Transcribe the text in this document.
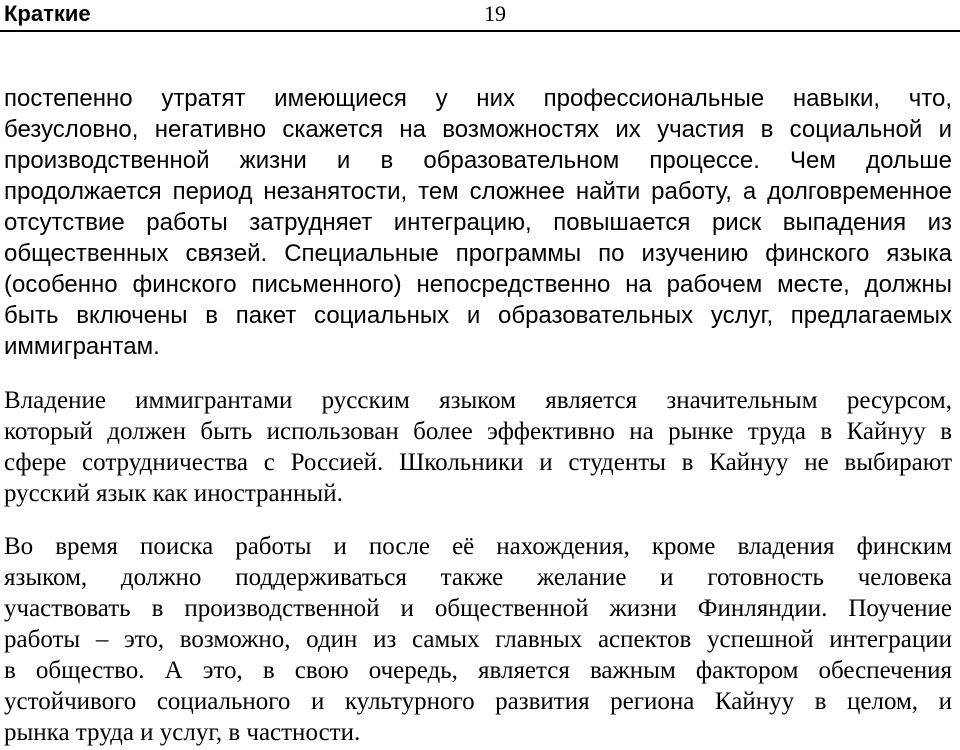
Краткие	19
постепенно утратят имеющиеся у них профессиональные навыки, что,
безусловно, негативно скажется на возможностях их участия в социальной и
производственной жизни и в образовательном процессе. Чем дольше
продолжается период незанятости, тем сложнее найти работу, а долговременное
отсутствие работы затрудняет интеграцию, повышается риск выпадения из
общественных связей. Специальные программы по изучению финского языка
(особенно финского письменного) непосредственно на рабочем месте, должны
быть включены в пакет социальных и образовательных услуг, предлагаемых
иммигрантам.
Владение иммигрантами русским языком является значительным ресурсом,
который должен быть использован более эффективно на рынке труда в Кайнуу в
сфере сотрудничества с Россией. Школьники и студенты в Кайнуу не выбирают
русский язык как иностранный.
Во время поиска работы и после её нахождения, кроме владения финским
языком, должно поддерживаться также желание и готовность человека
участвовать в производственной и общественной жизни Финляндии. Поучение
работы – это, возможно, один из самых главных аспектов успешной интеграции
в общество. А это, в свою очередь, является важным фактором обеспечения
устойчивого социального и культурного развития региона Кайнуу в целом, и
рынка труда и услуг, в частности.
